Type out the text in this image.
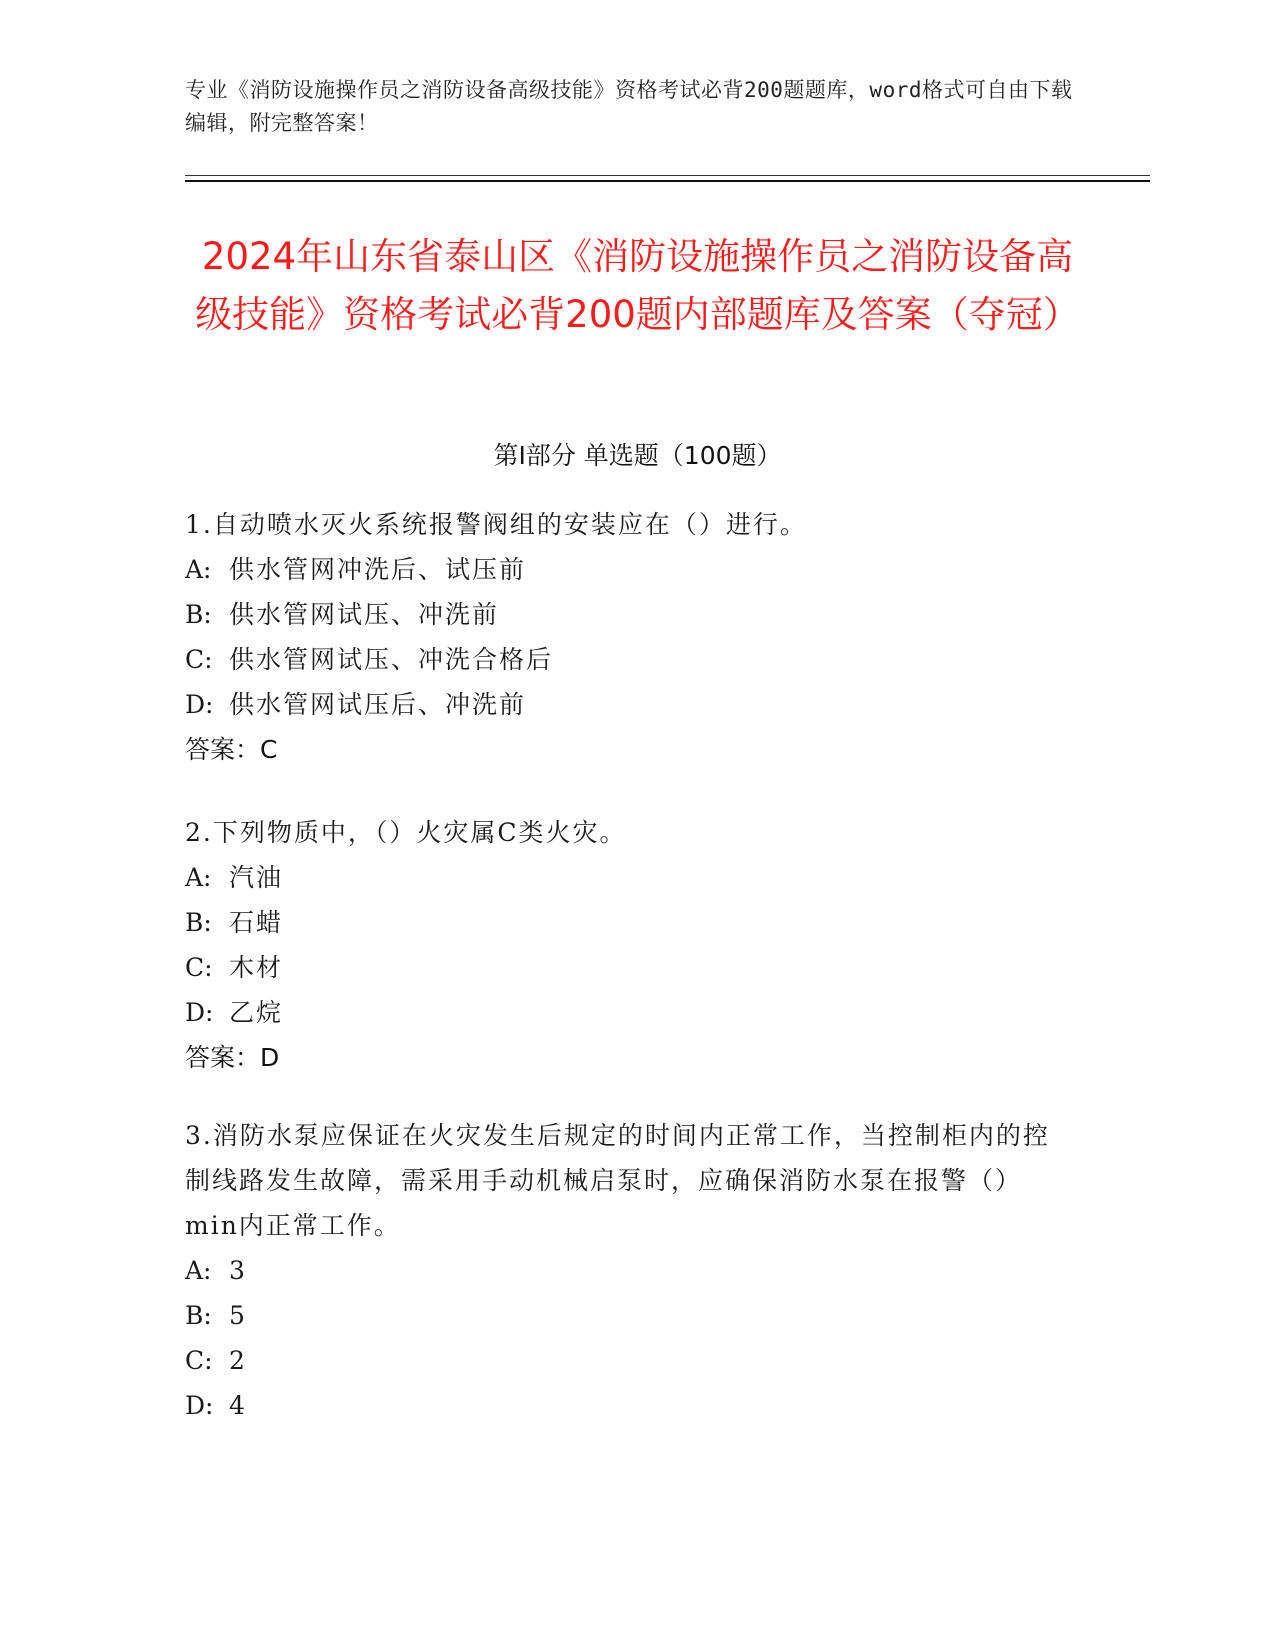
专业《消防设施操作员之消防设备高级技能》资格考试必背200题题库，word格式可自由下载编辑，附完整答案！
2024年山东省泰山区《消防设施操作员之消防设备高级技能》资格考试必背200题内部题库及答案（夺冠）
第I部分 单选题（100题）
1.自动喷水灭火系统报警阀组的安装应在（）进行。
A: 供水管网冲洗后、试压前
B: 供水管网试压、冲洗前
C: 供水管网试压、冲洗合格后
D: 供水管网试压后、冲洗前
答案：C
2.下列物质中，（）火灾属C类火灾。
A: 汽油
B: 石蜡
C: 木材
D: 乙烷
答案：D
3.消防水泵应保证在火灾发生后规定的时间内正常工作，当控制柜内的控制线路发生故障，需采用手动机械启泵时，应确保消防水泵在报警（）min内正常工作。
A: 3
B: 5
C: 2
D: 4
